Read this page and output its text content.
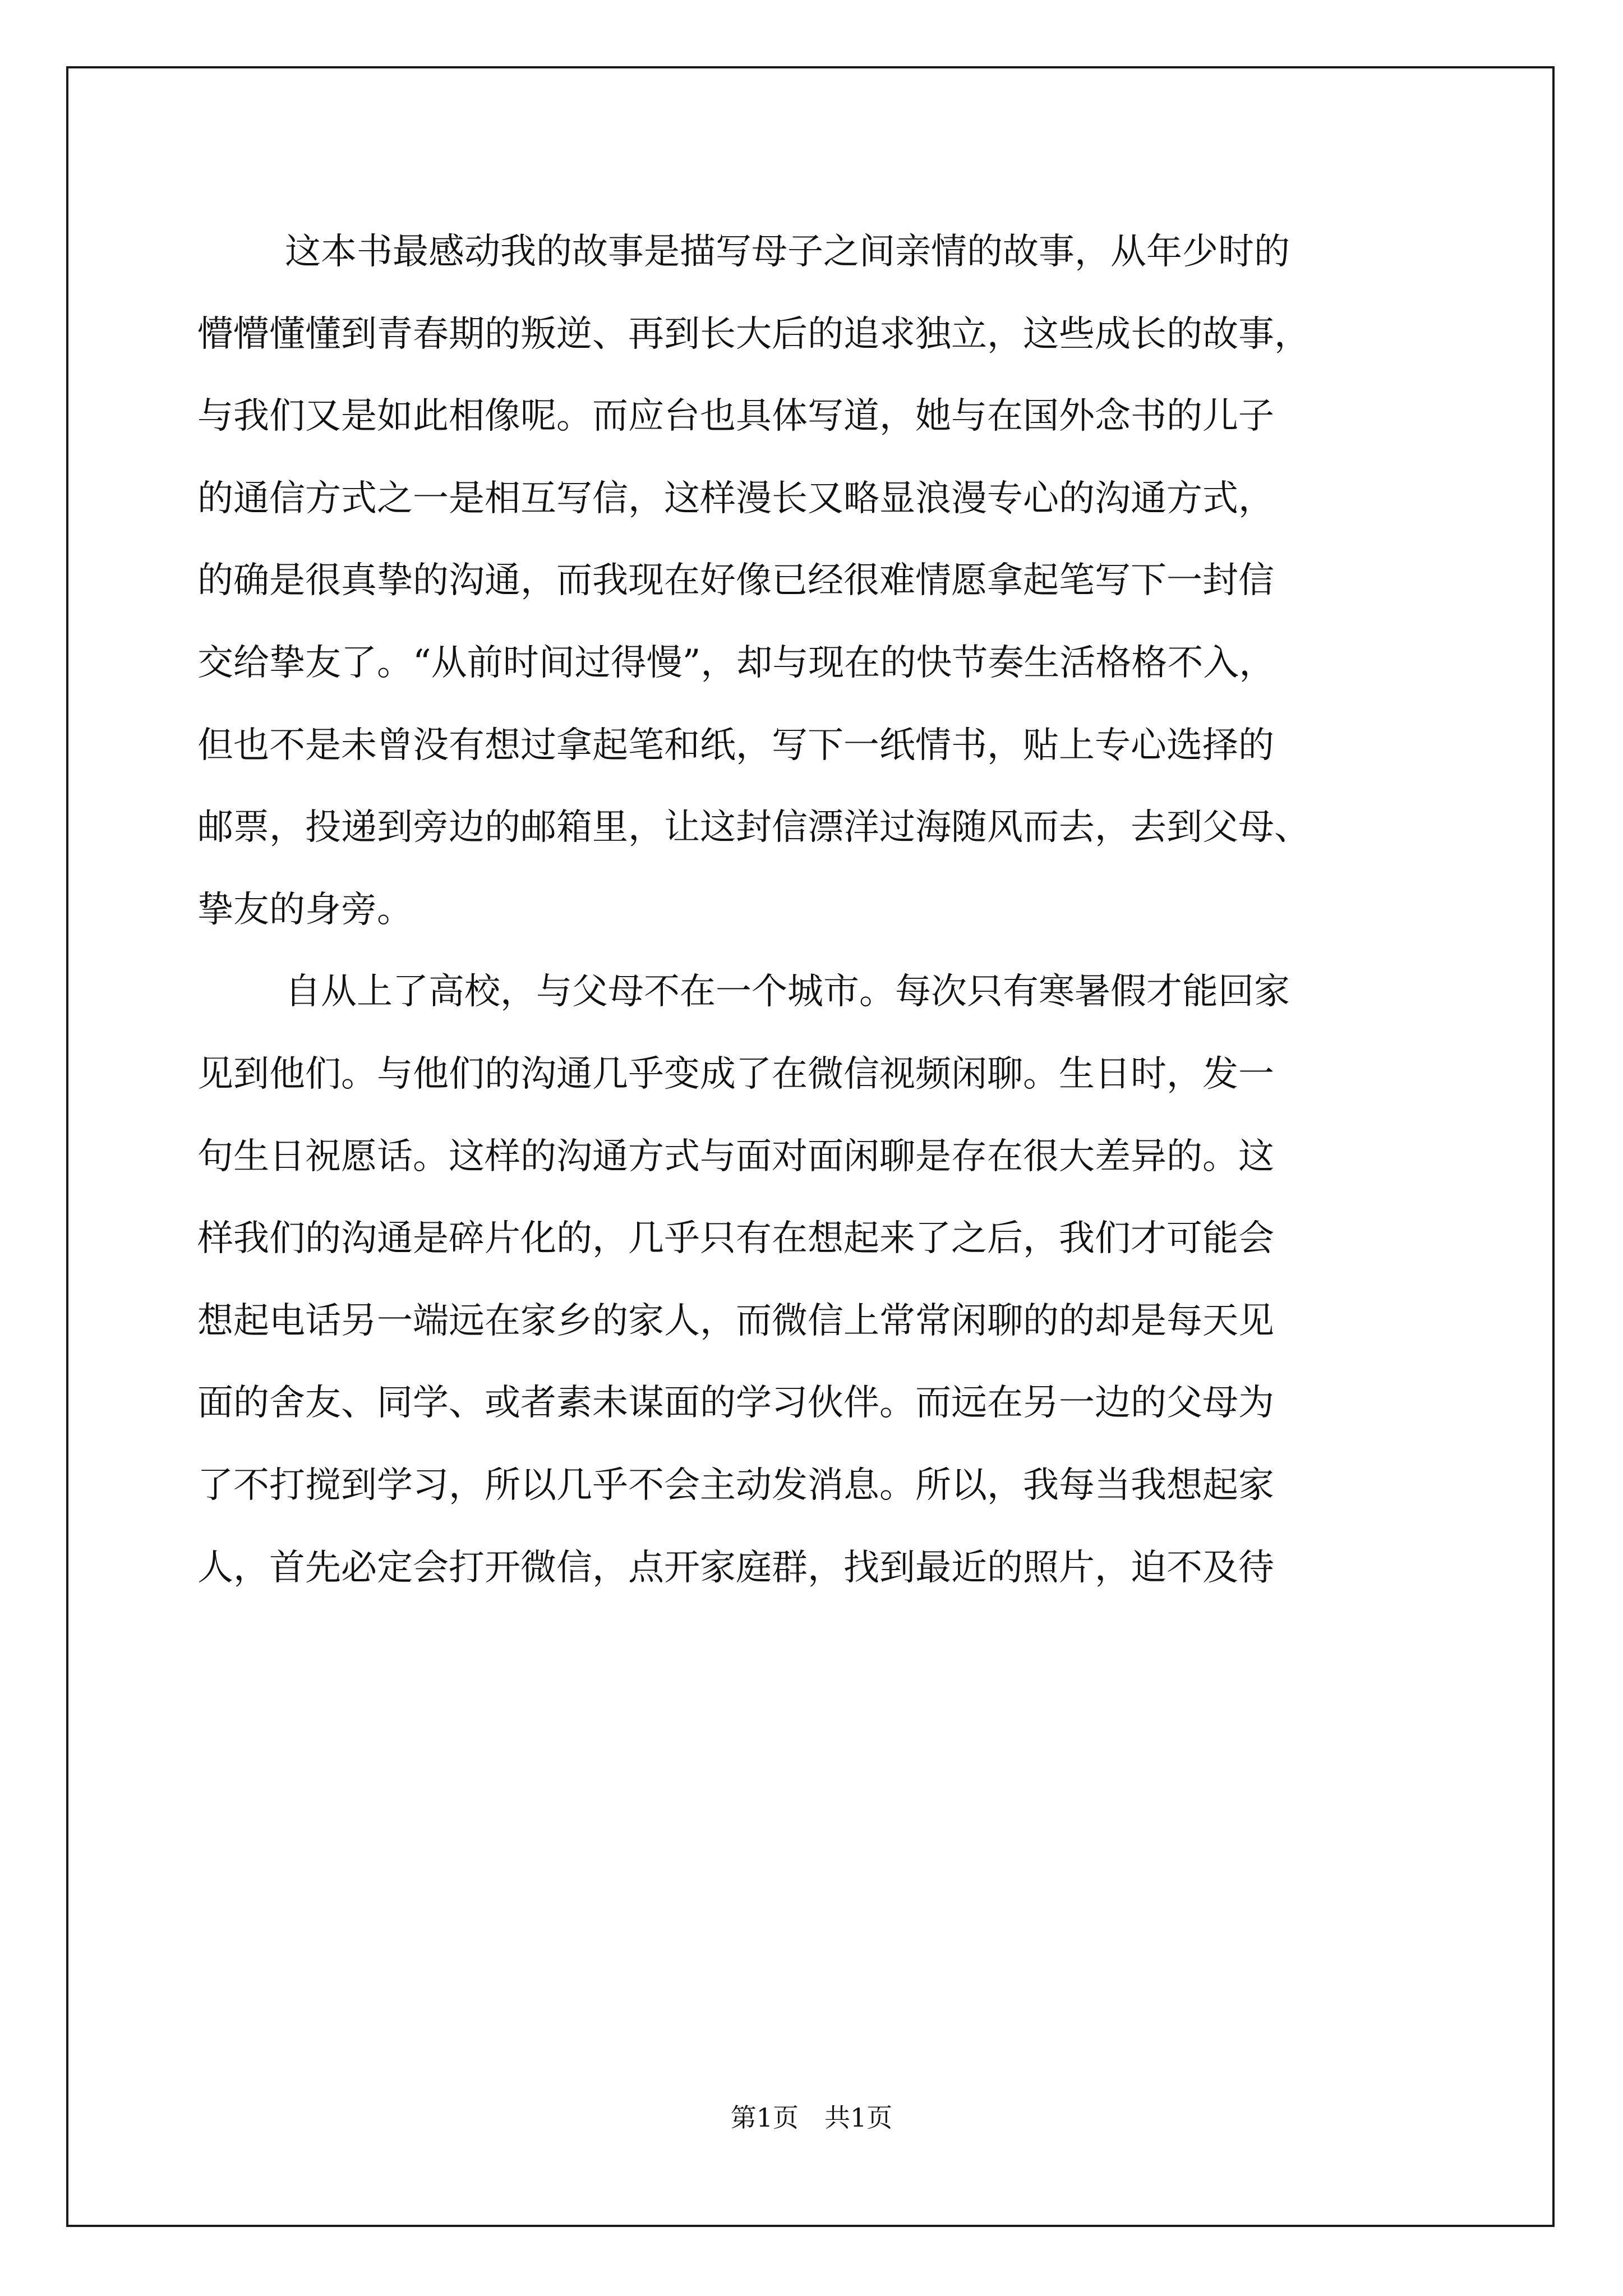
这本书最感动我的故事是描写母子之间亲情的故事，从年少时的
懵懵懂懂到青春期的叛逆、再到长大后的追求独立，这些成长的故事，
与我们又是如此相像呢。而应台也具体写道，她与在国外念书的儿子
的通信方式之一是相互写信，这样漫长又略显浪漫专心的沟通方式，
的确是很真挚的沟通，而我现在好像已经很难情愿拿起笔写下一封信
交给挚友了。“从前时间过得慢”，却与现在的快节奏生活格格不入，
但也不是未曾没有想过拿起笔和纸，写下一纸情书，贴上专心选择的
邮票，投递到旁边的邮箱里，让这封信漂洋过海随风而去，去到父母、
挚友的身旁。
自从上了高校，与父母不在一个城市。每次只有寒暑假才能回家
见到他们。与他们的沟通几乎变成了在微信视频闲聊。生日时，发一
句生日祝愿话。这样的沟通方式与面对面闲聊是存在很大差异的。这
样我们的沟通是碎片化的，几乎只有在想起来了之后，我们才可能会
想起电话另一端远在家乡的家人，而微信上常常闲聊的的却是每天见
面的舍友、同学、或者素未谋面的学习伙伴。而远在另一边的父母为
了不打搅到学习，所以几乎不会主动发消息。所以，我每当我想起家
人，首先必定会打开微信，点开家庭群，找到最近的照片，迫不及待
第1页 共1页
